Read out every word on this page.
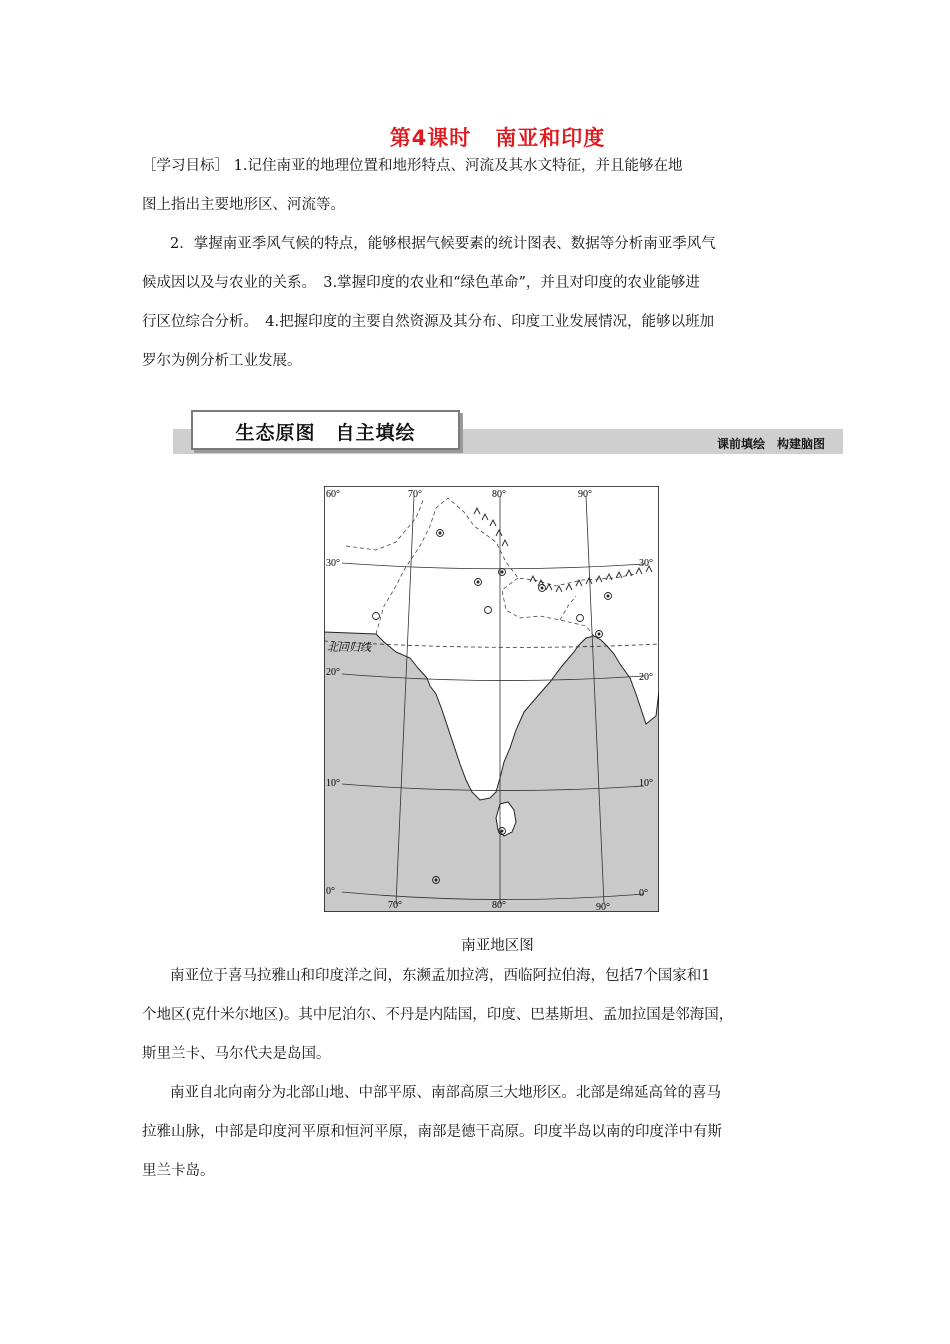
第4课时 南亚和印度
［学习目标］ 1.记住南亚的地理位置和地形特点、河流及其水文特征，并且能够在地
图上指出主要地形区、河流等。
2．掌握南亚季风气候的特点，能够根据气候要素的统计图表、数据等分析南亚季风气
候成因以及与农业的关系。　3.掌握印度的农业和“绿色革命”，并且对印度的农业能够进
行区位综合分析。　4.把握印度的主要自然资源及其分布、印度工业发展情况，能够以班加
罗尔为例分析工业发展。
生态原图　自主填绘	课前填绘　构建脑图
60°	70°	80°	90°
30°
20°
10°
0°
30°
20°
10°
0°
70°	80°	90°
北回归线
南亚地区图
南亚位于喜马拉雅山和印度洋之间，东濒孟加拉湾，西临阿拉伯海，包括7个国家和1
个地区(克什米尔地区)。其中尼泊尔、不丹是内陆国，印度、巴基斯坦、孟加拉国是邻海国，
斯里兰卡、马尔代夫是岛国。
南亚自北向南分为北部山地、中部平原、南部高原三大地形区。北部是绵延高耸的喜马
拉雅山脉，中部是印度河平原和恒河平原，南部是德干高原。印度半岛以南的印度洋中有斯
里兰卡岛。
